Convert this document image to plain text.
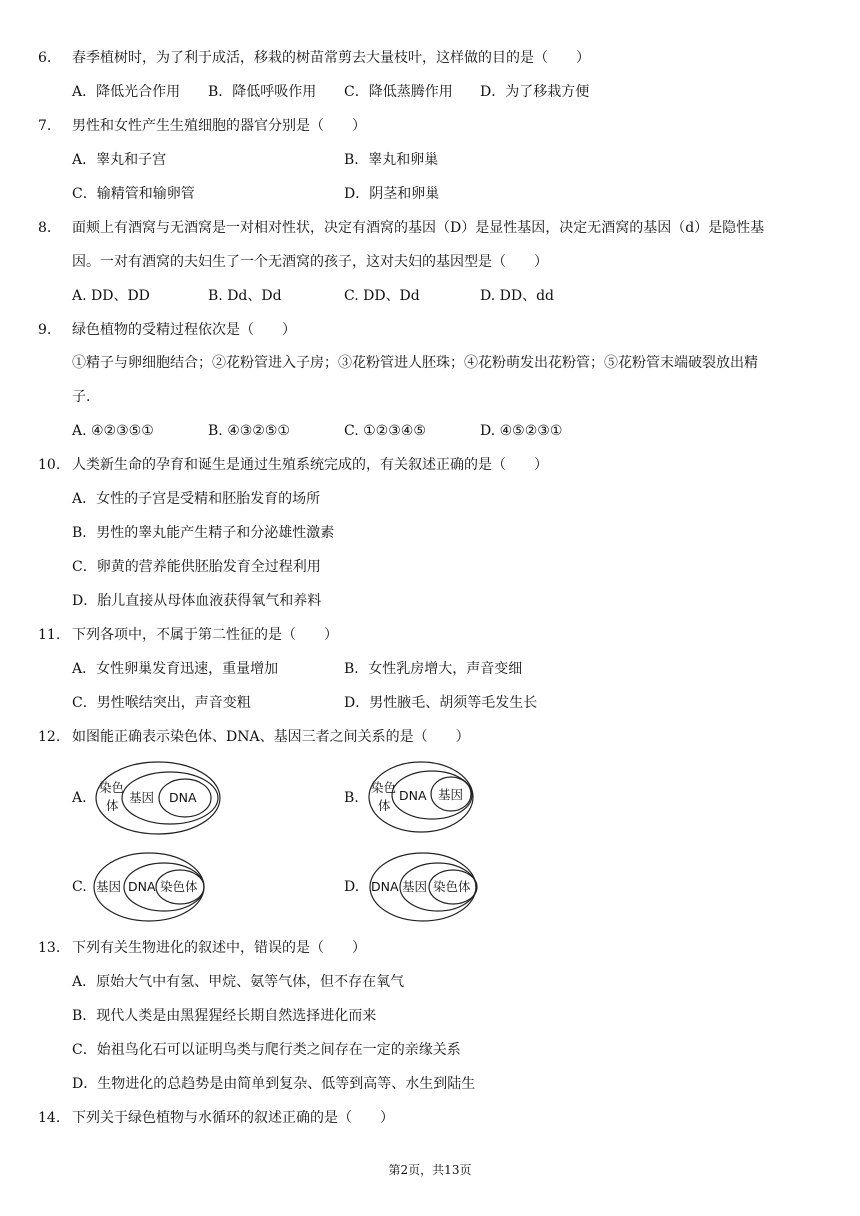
6. 春季植树时，为了利于成活，移栽的树苗常剪去大量枝叶，这样做的目的是（　　）
A．降低光合作用 B．降低呼吸作用 C．降低蒸腾作用 D．为了移栽方便
7. 男性和女性产生生殖细胞的器官分别是（　　）
A．睾丸和子宫	B．睾丸和卵巢
C．输精管和输卵管	D．阴茎和卵巢
8. 面颊上有酒窝与无酒窝是一对相对性状，决定有酒窝的基因（D）是显性基因，决定无酒窝的基因（d）是隐性基
因。一对有酒窝的夫妇生了一个无酒窝的孩子，这对夫妇的基因型是（　　）
A. DD、DD	B. Dd、Dd	C. DD、Dd	D. DD、dd
9. 绿色植物的受精过程依次是（　　）
①精子与卵细胞结合；②花粉管进入子房；③花粉管进人胚珠；④花粉萌发出花粉管；⑤花粉管末端破裂放出精
子.
A. ④②③⑤①	B. ④③②⑤①	C. ①②③④⑤	D. ④⑤②③①
10. 人类新生命的孕育和诞生是通过生殖系统完成的，有关叙述正确的是（　　）
A．女性的子宫是受精和胚胎发育的场所
B．男性的睾丸能产生精子和分泌雄性激素
C．卵黄的营养能供胚胎发育全过程利用
D．胎儿直接从母体血液获得氧气和养料
11. 下列各项中，不属于第二性征的是（　　）
A．女性卵巢发育迅速，重量增加	B．女性乳房增大，声音变细
C．男性喉结突出，声音变粗	D．男性腋毛、胡须等毛发生长
12. 如图能正确表示染色体、DNA、基因三者之间关系的是（　　）
A.
染色
体
基因 DNA	B.
染色
体
DNA 基因
C. 基因 DNA 染色体	D. DNA 基因 染色体
13. 下列有关生物进化的叙述中，错误的是（　　）
A．原始大气中有氢、甲烷、氨等气体，但不存在氧气
B．现代人类是由黑猩猩经长期自然选择进化而来
C．始祖鸟化石可以证明鸟类与爬行类之间存在一定的亲缘关系
D．生物进化的总趋势是由简单到复杂、低等到高等、水生到陆生
14. 下列关于绿色植物与水循环的叙述正确的是（　　）
第2页，共13页
